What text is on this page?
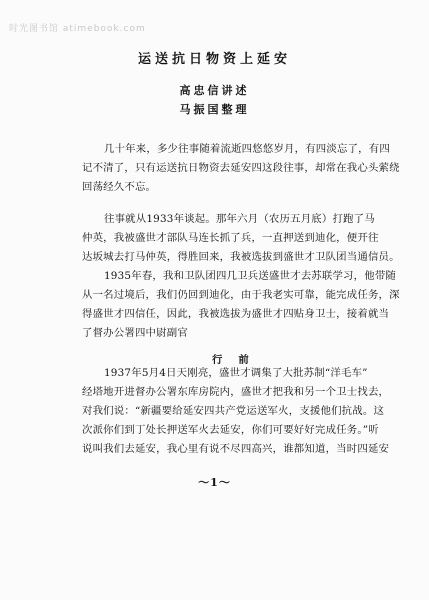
时光图书馆 atimebook.com
运送抗日物资上延安
高忠信讲述
马振国整理
几十年来，多少往事随着流逝四悠悠岁月，有四淡忘了，有四
记不清了，只有运送抗日物资去延安四这段往事，却常在我心头萦绕
回荡经久不忘。
往事就从1933年谈起。那年六月（农历五月底）打跑了马
仲英，我被盛世才部队马连长抓了兵，一直押送到迪化，便开往
达坂城去打马仲英，得胜回来，我被选拔到盛世才卫队团当通信员。
1935年春，我和卫队团四几卫兵送盛世才去苏联学习，他带随
从一名过境后，我们仍回到迪化，由于我老实可靠，能完成任务，深
得盛世才四信任，因此，我被选拔为盛世才四贴身卫士，接着就当
了督办公署四中尉副官
行前
1937年5月4日天刚亮，盛世才调集了大批苏制“洋毛车”
经塔地开进督办公署东库房院内，盛世才把我和另一个卫士找去，
对我们说：“新疆要给延安四共产党运送军火，支援他们抗战。这
次派你们到丁处长押送军火去延安，你们可要好好完成任务。”听
说叫我们去延安，我心里有说不尽四高兴，谁都知道，当时四延安
～1～
